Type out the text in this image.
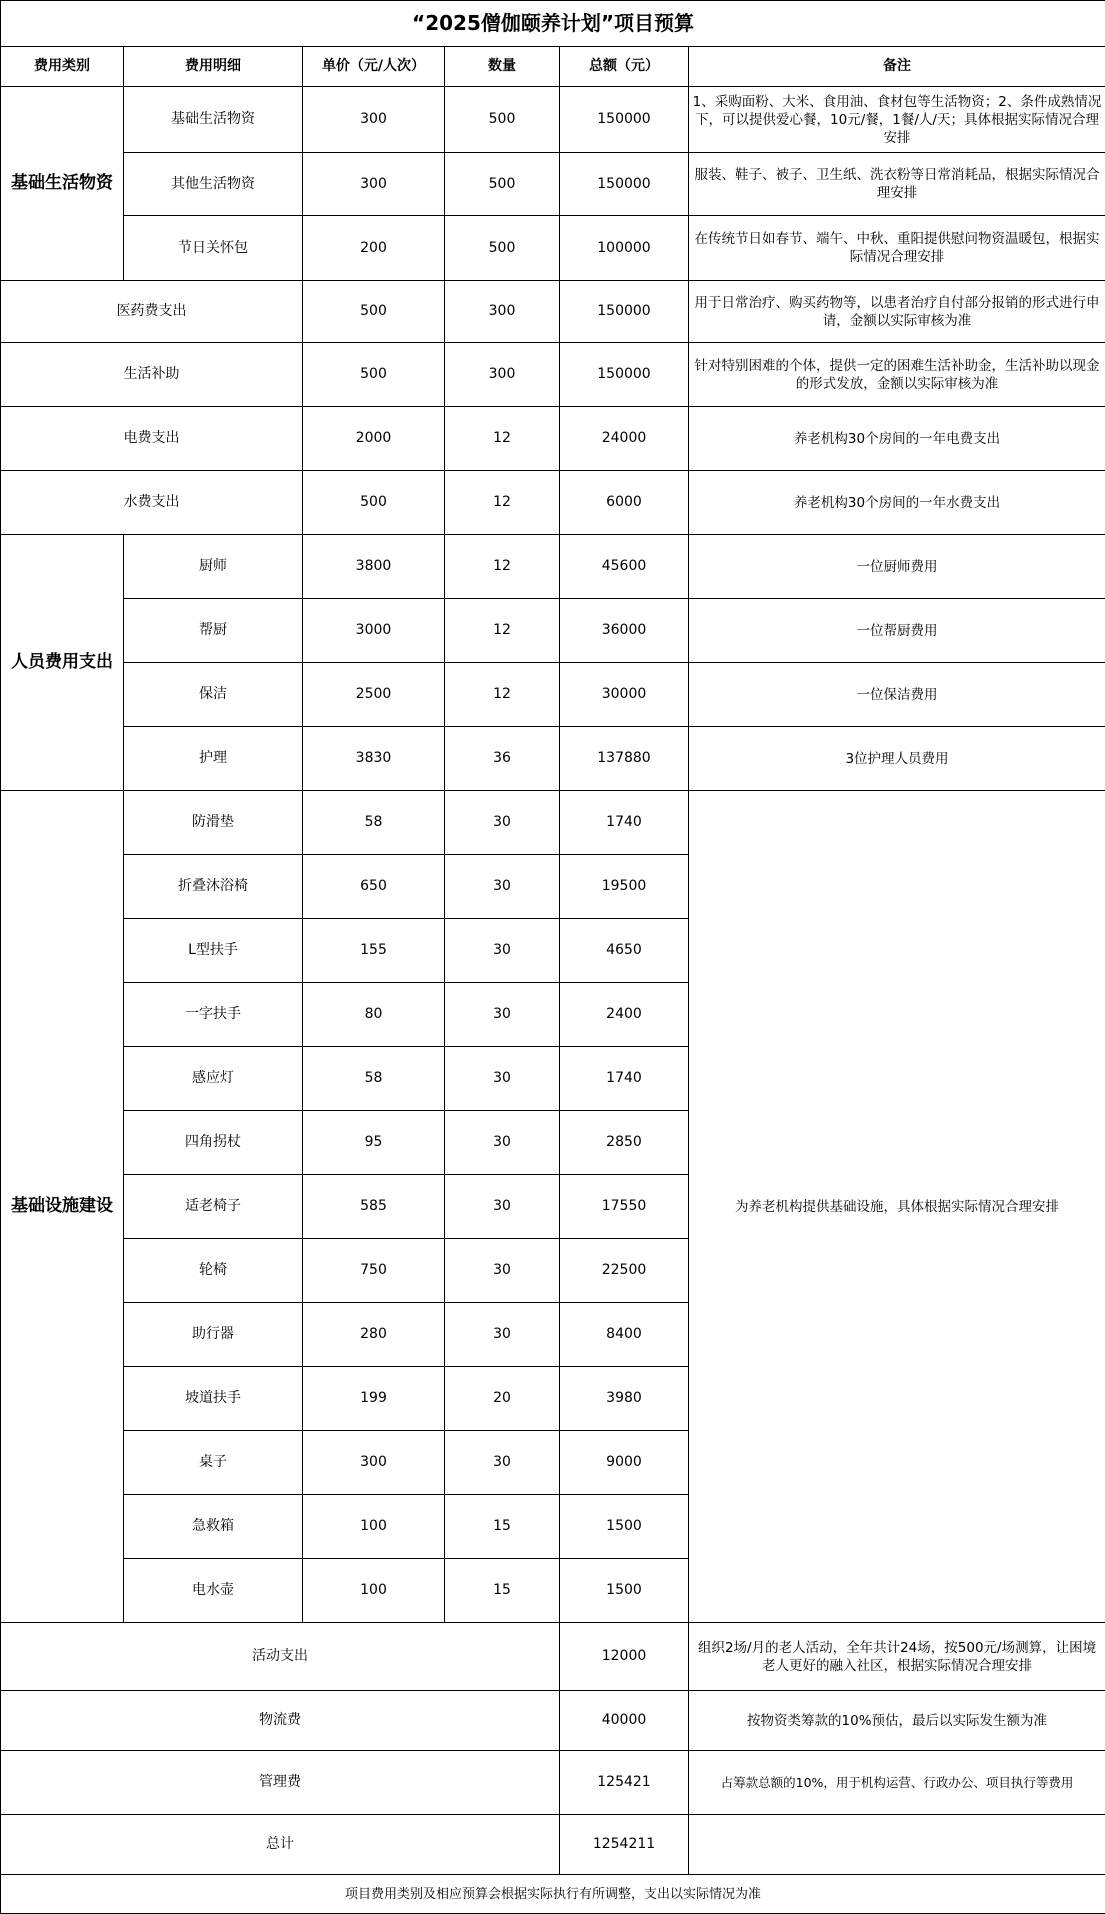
“2025僧伽颐养计划”项目预算					
费用类别	费用明细	单价（元/人次）	数量	总额（元）	备注
基础生活物资	基础生活物资	300	500	150000	1、采购面粉、大米、食用油、食材包等生活物资；2、条件成熟情况下，可以提供爱心餐，10元/餐，1餐/人/天；具体根据实际情况合理安排
	其他生活物资	300	500	150000	服装、鞋子、被子、卫生纸、洗衣粉等日常消耗品，根据实际情况合理安排
	节日关怀包	200	500	100000	在传统节日如春节、端午、中秋、重阳提供慰问物资温暖包，根据实际情况合理安排
医药费支出		500	300	150000	用于日常治疗、购买药物等，以患者治疗自付部分报销的形式进行申请，金额以实际审核为准
生活补助		500	300	150000	针对特别困难的个体，提供一定的困难生活补助金，生活补助以现金的形式发放，金额以实际审核为准
电费支出		2000	12	24000	养老机构30个房间的一年电费支出
水费支出		500	12	6000	养老机构30个房间的一年水费支出
人员费用支出	厨师	3800	12	45600	一位厨师费用
	帮厨	3000	12	36000	一位帮厨费用
	保洁	2500	12	30000	一位保洁费用
	护理	3830	36	137880	3位护理人员费用
基础设施建设	防滑垫	58	30	1740	为养老机构提供基础设施，具体根据实际情况合理安排
	折叠沐浴椅	650	30	19500	
	L型扶手	155	30	4650	
	一字扶手	80	30	2400	
	感应灯	58	30	1740	
	四角拐杖	95	30	2850	
	适老椅子	585	30	17550	
	轮椅	750	30	22500	
	助行器	280	30	8400	
	坡道扶手	199	20	3980	
	桌子	300	30	9000	
	急救箱	100	15	1500	
	电水壶	100	15	1500	
活动支出				12000	组织2场/月的老人活动，全年共计24场，按500元/场测算，让困境老人更好的融入社区，根据实际情况合理安排
物流费				40000	按物资类筹款的10%预估，最后以实际发生额为准
管理费				125421	占筹款总额的10%，用于机构运营、行政办公、项目执行等费用
总计				1254211	
项目费用类别及相应预算会根据实际执行有所调整，支出以实际情况为准					
